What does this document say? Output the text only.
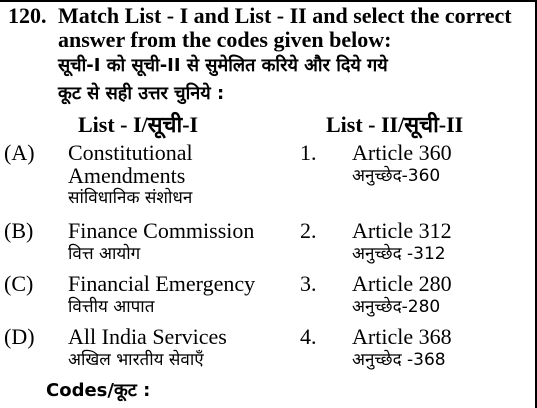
120. Match List - I and List - II and select the correct
answer from the codes given below:
सूची-I को सूची-II से सुमेलित करिये और दिये गये
कूट से सही उत्तर चुनिये :
List - I/सूची-I	List - II/सूची-II
(A) Constitutional
Amendments
सांविधानिक संशोधन
1. Article 360
अनुच्छेद-360
(B) Finance Commission
वित्त आयोग
2. Article 312
अनुच्छेद -312
(C) Financial Emergency
वित्तीय आपात
3. Article 280
अनुच्छेद-280
(D) All India Services
अखिल भारतीय सेवाएँ
4. Article 368
अनुच्छेद -368
Codes/कूट :
